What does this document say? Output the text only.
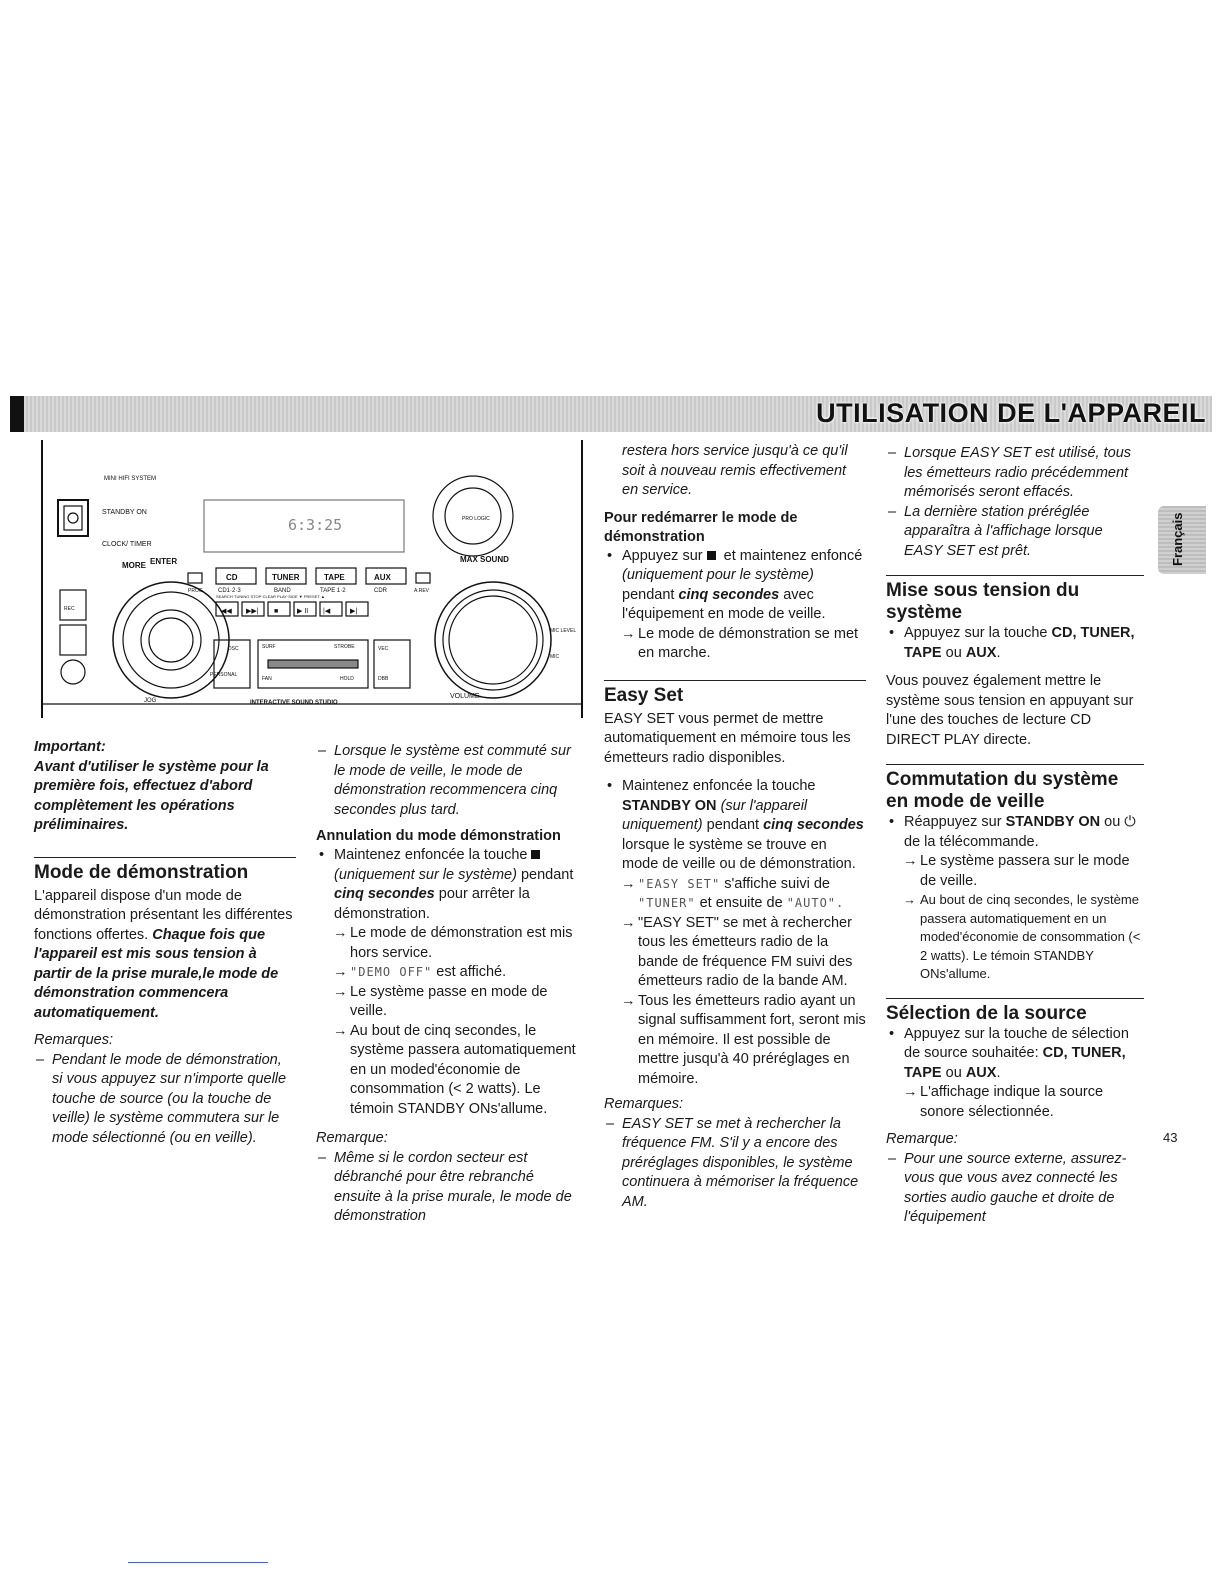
UTILISATION DE L'APPAREIL
MINI HIFI SYSTEM
STANDBY ON
CLOCK/ TIMER
6:3:25	PRO LOGIC
MORE ENTER	MAX SOUND
CD	TUNER	TAPE	AUX
CD1·2·3	BAND	TAPE 1·2	CDR
SEARCH·TUNING STOP·CLEAR PLAY·SIDE ▼ PRESET ▲
PROG	A.REV
◀◀ ▶▶| ■	▶ II |◀	▶|
DSC	SURF	STROBE	VEC
PERSONAL
FAN	HOLD	DBB
JOG
VOLUME
REC
MIC LEVEL
MIC
INTERACTIVE SOUND STUDIO

Important:

Avant d'utiliser le système pour la première fois, effectuez d'abord complètement les opérations préliminaires.

Mode de démonstration

L'appareil dispose d'un mode de démonstration présentant les différentes fonctions offertes. Chaque fois que l'appareil est mis sous tension à partir de la prise murale,le mode de démonstration commencera automatiquement.

Remarques:

– Pendant le mode de démonstration, si vous appuyez sur n'importe quelle touche de source (ou la touche de veille) le système commutera sur le mode sélectionné (ou en veille).

– Lorsque le système est commuté sur le mode de veille, le mode de démonstration recommencera cinq secondes plus tard.

Annulation du mode démonstration

• Maintenez enfoncée la touche (uniquement sur le système) pendant cinq secondes pour arrêter la démonstration.

→ Le mode de démonstration est mis hors service.

→ "DEMO OFF" est affiché.

→ Le système passe en mode de veille.

→ Au bout de cinq secondes, le système passera automatiquement en un moded'économie de consommation (< 2 watts). Le témoin STANDBY ONs'allume.

Remarque:

– Même si le cordon secteur est débranché pour être rebranché ensuite à la prise murale, le mode de démonstration

restera hors service jusqu'à ce qu'il soit à nouveau remis effectivement en service.

Pour redémarrer le mode de démonstration

• Appuyez sur et maintenez enfoncé (uniquement pour le système) pendant cinq secondes avec l'équipement en mode de veille.

→ Le mode de démonstration se met en marche.

Easy Set

EASY SET vous permet de mettre automatiquement en mémoire tous les émetteurs radio disponibles.

• Maintenez enfoncée la touche STANDBY ON (sur l'appareil uniquement) pendant cinq secondes lorsque le système se trouve en mode de veille ou de démonstration.

→ "EASY SET" s'affiche suivi de "TUNER" et ensuite de "AUTO".

→ "EASY SET" se met à rechercher tous les émetteurs radio de la bande de fréquence FM suivi des émetteurs radio de la bande AM.

→ Tous les émetteurs radio ayant un signal suffisamment fort, seront mis en mémoire. Il est possible de mettre jusqu'à 40 préréglages en mémoire.

Remarques:

– EASY SET se met à rechercher la fréquence FM. S'il y a encore des préréglages disponibles, le système continuera à mémoriser la fréquence AM.

– Lorsque EASY SET est utilisé, tous les émetteurs radio précédemment mémorisés seront effacés.

– La dernière station préréglée apparaîtra à l'affichage lorsque EASY SET est prêt.

Mise sous tension du système

• Appuyez sur la touche CD, TUNER, TAPE ou AUX.

Vous pouvez également mettre le système sous tension en appuyant sur l'une des touches de lecture CD DIRECT PLAY directe.

Commutation du système en mode de veille

• Réappuyez sur STANDBY ON ou ⏻ de la télécommande.

→ Le système passera sur le mode de veille.

→ Au bout de cinq secondes, le système passera automatiquement en un moded'économie de consommation (< 2 watts). Le témoin STANDBY ONs'allume.

Sélection de la source

• Appuyez sur la touche de sélection de source souhaitée: CD, TUNER, TAPE ou AUX.

→ L'affichage indique la source sonore sélectionnée.

Remarque:

– Pour une source externe, assurez-vous que vous avez connecté les sorties audio gauche et droite de l'équipement

Français
43
